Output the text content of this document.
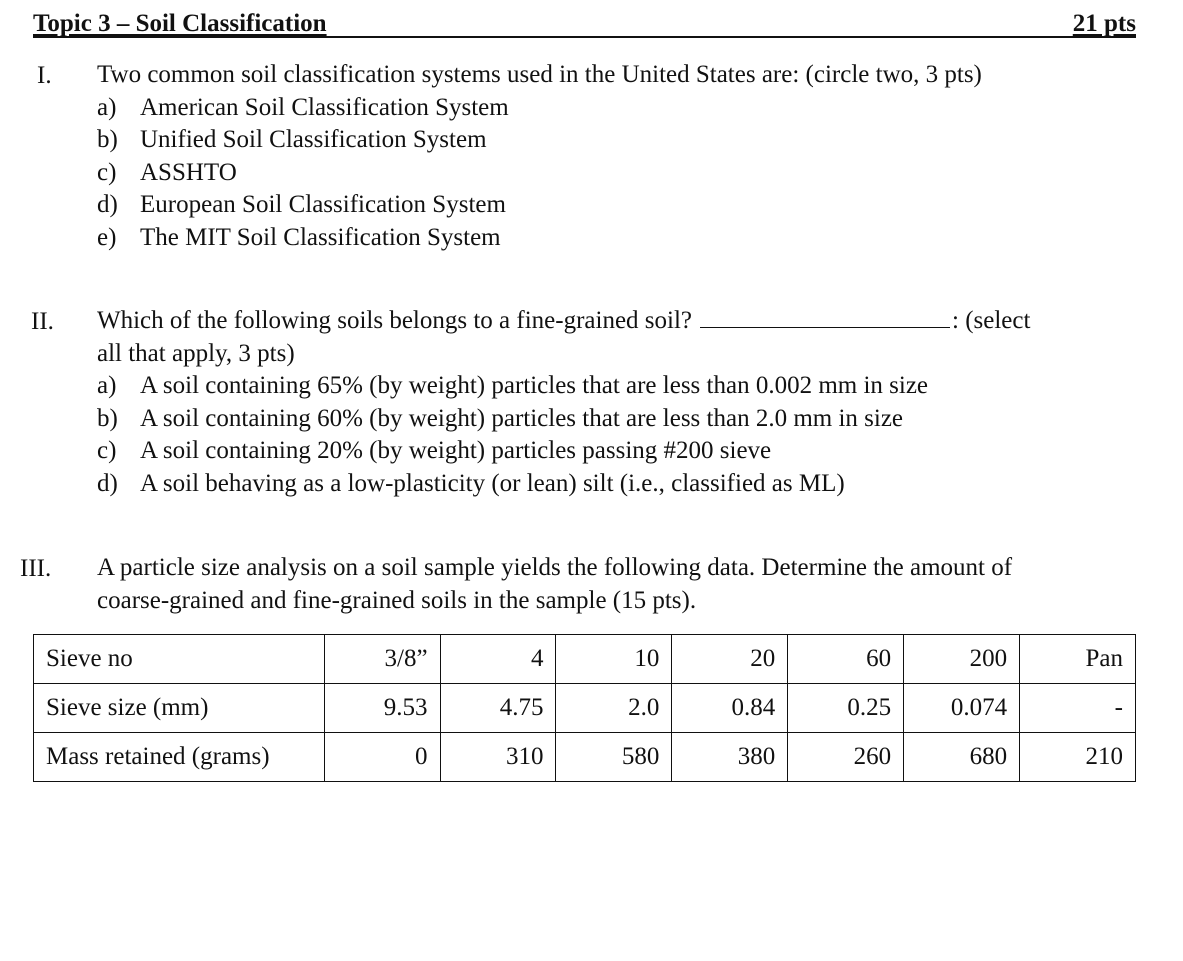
Topic 3 – Soil Classification	21 pts
I. Two common soil classification systems used in the United States are: (circle two, 3 pts)
a) American Soil Classification System
b) Unified Soil Classification System
c) ASSHTO
d) European Soil Classification System
e) The MIT Soil Classification System
II. Which of the following soils belongs to a fine-grained soil?	: (select
all that apply, 3 pts)
a) A soil containing 65% (by weight) particles that are less than 0.002 mm in size
b) A soil containing 60% (by weight) particles that are less than 2.0 mm in size
c) A soil containing 20% (by weight) particles passing #200 sieve
d) A soil behaving as a low-plasticity (or lean) silt (i.e., classified as ML)
III. A particle size analysis on a soil sample yields the following data. Determine the amount of
coarse-grained and fine-grained soils in the sample (15 pts).
Sieve no	3/8”	4	10	20	60	200	Pan
Sieve size (mm)	9.53	4.75	2.0	0.84	0.25	0.074	-
Mass retained (grams)	0	310	580	380	260	680	210
